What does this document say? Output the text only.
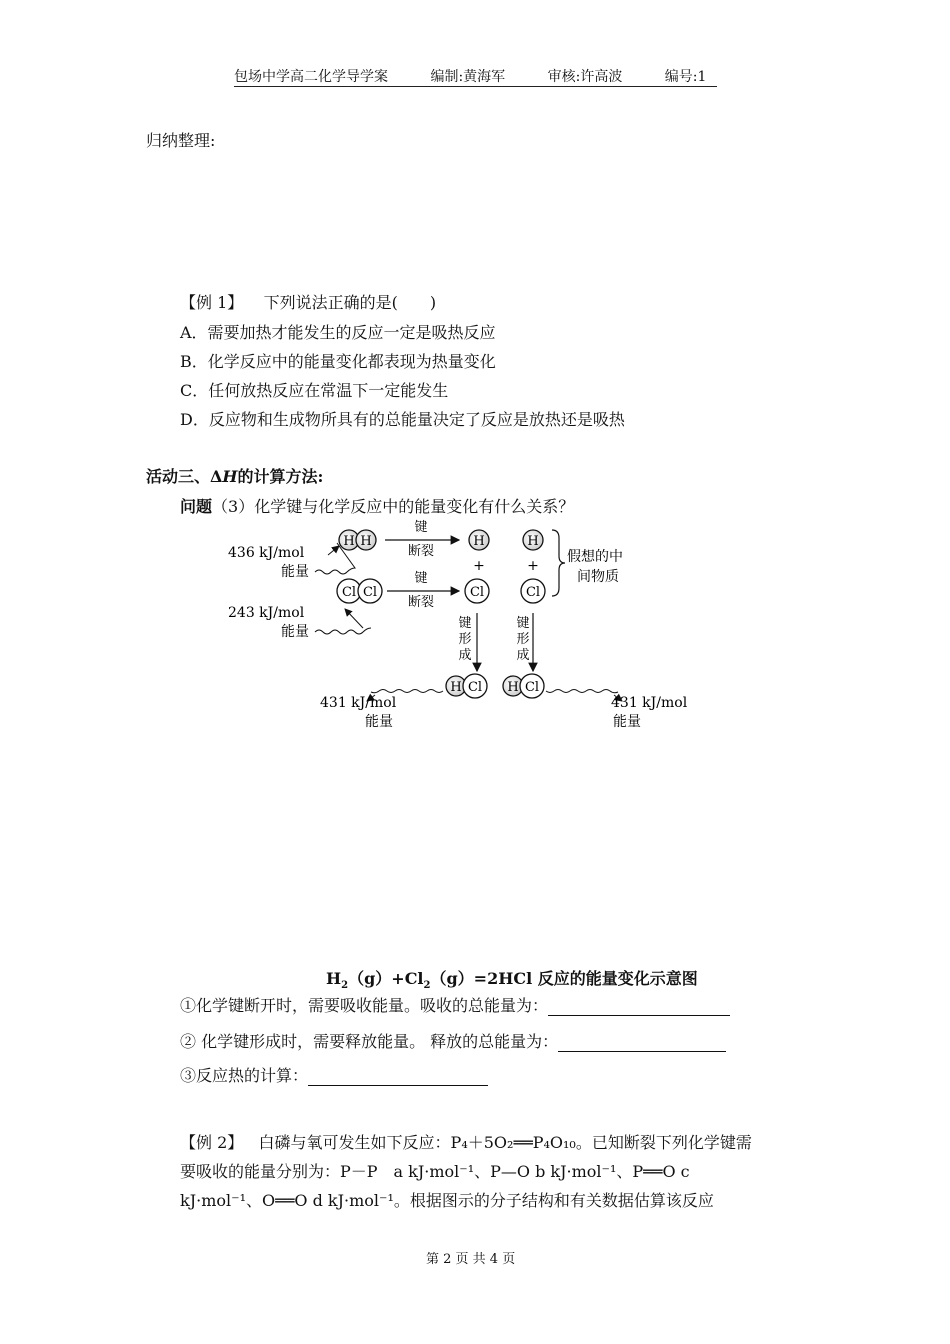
包场中学高二化学导学案	编制:黄海军	审核:许高波	编号:1
归纳整理:
【例 1】 下列说法正确的是(　　)
A．需要加热才能发生的反应一定是吸热反应
B．化学反应中的能量变化都表现为热量变化
C．任何放热反应在常温下一定能发生
D．反应物和生成物所具有的总能量决定了反应是放热还是吸热
活动三、ΔH的计算方法:
问题（3）化学键与化学反应中的能量变化有什么关系？
436 kJ/mol
能量
243 kJ/mol
能量
H H
键
断裂
H
+
Cl Cl
键
断裂
Cl
H
+
Cl
假想的中
间物质
键
形
成
键
形
成
H Cl H Cl
431 kJ/mol
能量
431 kJ/mol
能量
$H_2(g)+Cl_2(g)=2HCl$ 反应的能量变化示意图
①化学键断开时，需要吸收能量。吸收的总能量为：
② 化学键形成时，需要释放能量。 释放的总能量为：
③反应热的计算：
【例 2】 白磷与氧可发生如下反应：P₄＋5O₂══P₄O₁₀。已知断裂下列化学键需
要吸收的能量分别为：P－P　a kJ·mol⁻¹、P—O b kJ·mol⁻¹、P══O c
kJ·mol⁻¹、O══O d kJ·mol⁻¹。根据图示的分子结构和有关数据估算该反应
第 2 页 共 4 页
